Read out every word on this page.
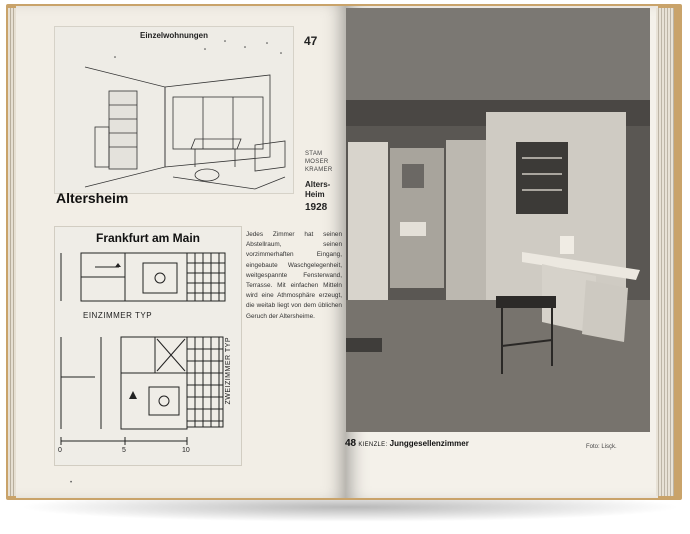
Einzelwohnungen	47
STAM
MOSER
KRAMER
Alters-
Heim
1928
Altersheim
Frankfurt am Main
EINZIMMER TYP
ZWEIZIMMER TYP
0	5	10
Jedes Zimmer hat seinen Abstellraum, seinen vorzimmerhaften Eingang, eingebaute Waschgelegenheit, weitgespannte Fensterwand, Terrasse. Mit einfachen Mitteln wird eine Athmosphäre erzeugt, die weitab liegt von dem üblichen Geruch der Altersheime.
•
48 KIENZLE: Junggesellenzimmer	Foto: Lisçk.
